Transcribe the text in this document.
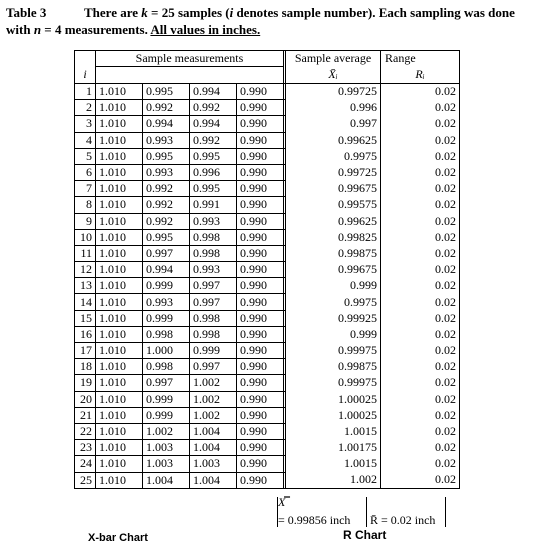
Table 3	There are k = 25 samples (i denotes sample number). Each sampling was done
with n = 4 measurements. All values in inches.
	Sample measurements					Sample average	Range
i						X̄ᵢ	Rᵢ
1	1.010	0.995	0.994	0.990		0.99725	0.02
2	1.010	0.992	0.992	0.990		0.996	0.02
3	1.010	0.994	0.994	0.990		0.997	0.02
4	1.010	0.993	0.992	0.990		0.99625	0.02
5	1.010	0.995	0.995	0.990		0.9975	0.02
6	1.010	0.993	0.996	0.990		0.99725	0.02
7	1.010	0.992	0.995	0.990		0.99675	0.02
8	1.010	0.992	0.991	0.990		0.99575	0.02
9	1.010	0.992	0.993	0.990		0.99625	0.02
10	1.010	0.995	0.998	0.990		0.99825	0.02
11	1.010	0.997	0.998	0.990		0.99875	0.02
12	1.010	0.994	0.993	0.990		0.99675	0.02
13	1.010	0.999	0.997	0.990		0.999	0.02
14	1.010	0.993	0.997	0.990		0.9975	0.02
15	1.010	0.999	0.998	0.990		0.99925	0.02
16	1.010	0.998	0.998	0.990		0.999	0.02
17	1.010	1.000	0.999	0.990		0.99975	0.02
18	1.010	0.998	0.997	0.990		0.99875	0.02
19	1.010	0.997	1.002	0.990		0.99975	0.02
20	1.010	0.999	1.002	0.990		1.00025	0.02
21	1.010	0.999	1.002	0.990		1.00025	0.02
22	1.010	1.002	1.004	0.990		1.0015	0.02
23	1.010	1.003	1.004	0.990		1.00175	0.02
24	1.010	1.003	1.003	0.990		1.0015	0.02
25	1.010	1.004	1.004	0.990		1.002	0.02
X̿
= 0.99856 inch R̄ = 0.02 inch
X-bar Chart	R Chart
